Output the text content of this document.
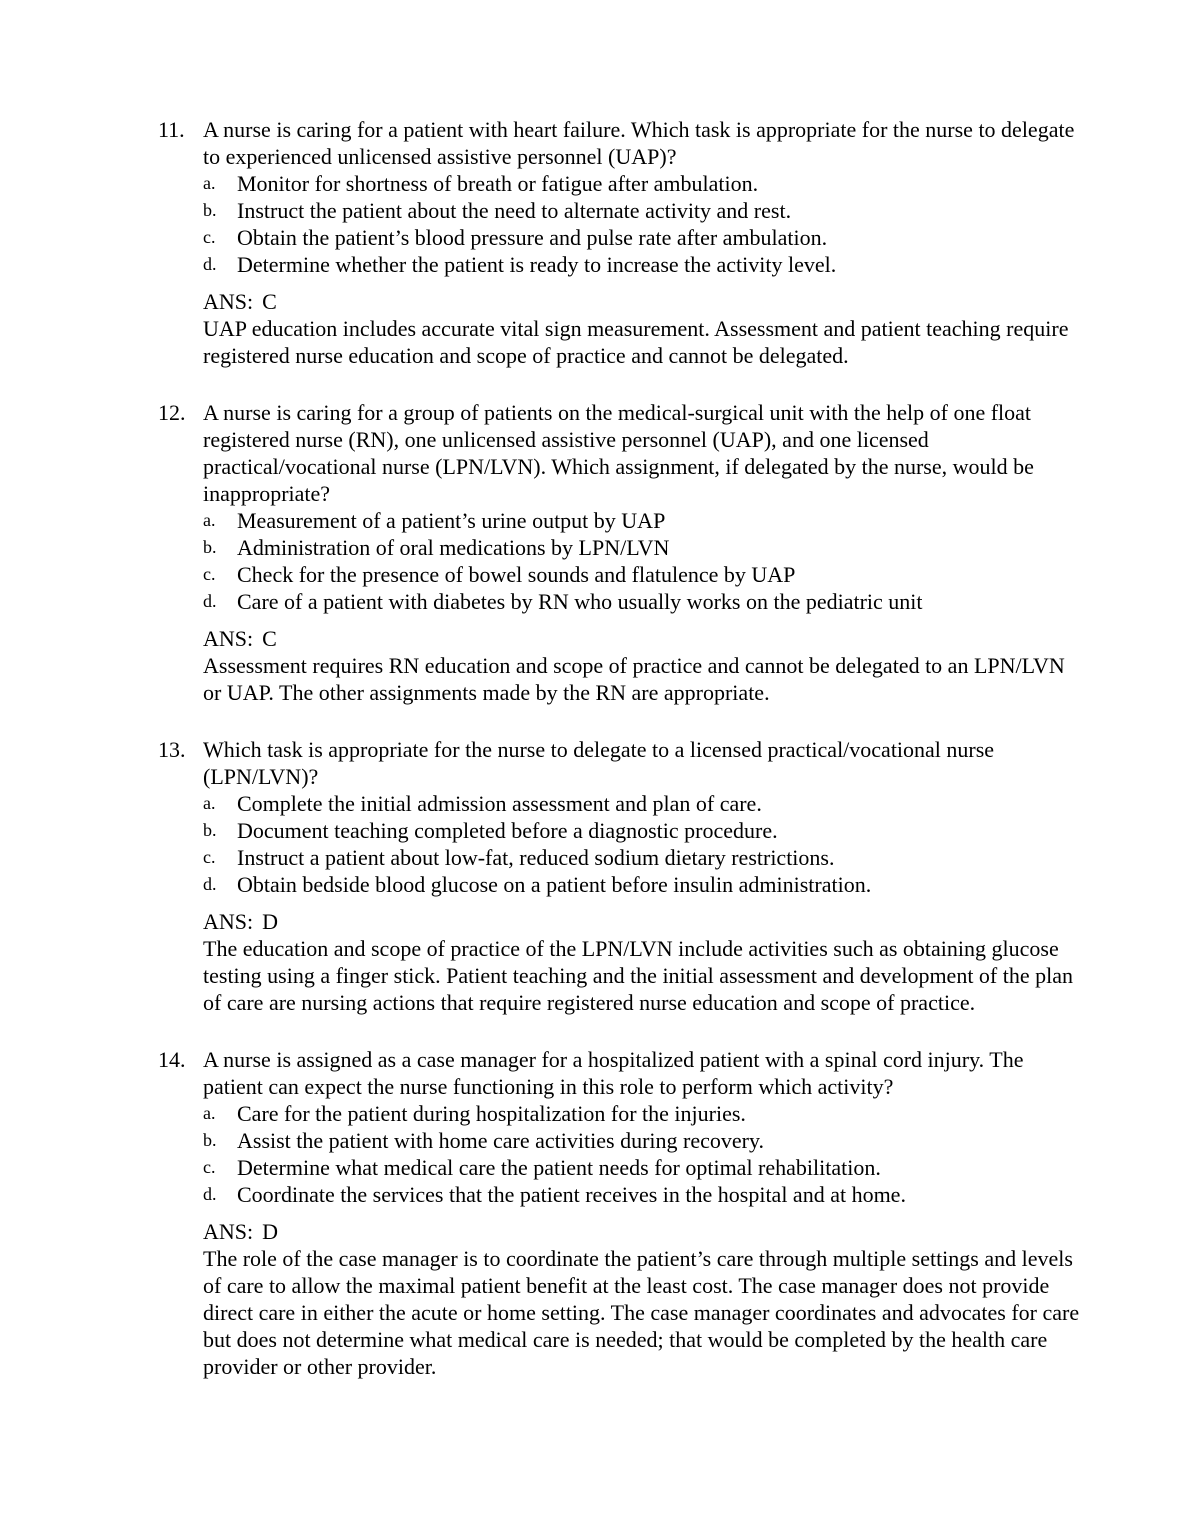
11. A nurse is caring for a patient with heart failure. Which task is appropriate for the nurse to delegate to experienced unlicensed assistive personnel (UAP)?

a. Monitor for shortness of breath or fatigue after ambulation.
b. Instruct the patient about the need to alternate activity and rest.
c. Obtain the patient’s blood pressure and pulse rate after ambulation.
d. Determine whether the patient is ready to increase the activity level.

ANS: C

UAP education includes accurate vital sign measurement. Assessment and patient teaching require registered nurse education and scope of practice and cannot be delegated.

12. A nurse is caring for a group of patients on the medical-surgical unit with the help of one float registered nurse (RN), one unlicensed assistive personnel (UAP), and one licensed practical/vocational nurse (LPN/LVN). Which assignment, if delegated by the nurse, would be inappropriate?

a. Measurement of a patient’s urine output by UAP
b. Administration of oral medications by LPN/LVN
c. Check for the presence of bowel sounds and flatulence by UAP
d. Care of a patient with diabetes by RN who usually works on the pediatric unit

ANS: C

Assessment requires RN education and scope of practice and cannot be delegated to an LPN/LVN or UAP. The other assignments made by the RN are appropriate.

13. Which task is appropriate for the nurse to delegate to a licensed practical/vocational nurse (LPN/LVN)?

a. Complete the initial admission assessment and plan of care.
b. Document teaching completed before a diagnostic procedure.
c. Instruct a patient about low-fat, reduced sodium dietary restrictions.
d. Obtain bedside blood glucose on a patient before insulin administration.

ANS: D

The education and scope of practice of the LPN/LVN include activities such as obtaining glucose testing using a finger stick. Patient teaching and the initial assessment and development of the plan of care are nursing actions that require registered nurse education and scope of practice.

14. A nurse is assigned as a case manager for a hospitalized patient with a spinal cord injury. The patient can expect the nurse functioning in this role to perform which activity?

a. Care for the patient during hospitalization for the injuries.
b. Assist the patient with home care activities during recovery.
c. Determine what medical care the patient needs for optimal rehabilitation.
d. Coordinate the services that the patient receives in the hospital and at home.

ANS: D

The role of the case manager is to coordinate the patient’s care through multiple settings and levels of care to allow the maximal patient benefit at the least cost. The case manager does not provide direct care in either the acute or home setting. The case manager coordinates and advocates for care but does not determine what medical care is needed; that would be completed by the health care provider or other provider.
